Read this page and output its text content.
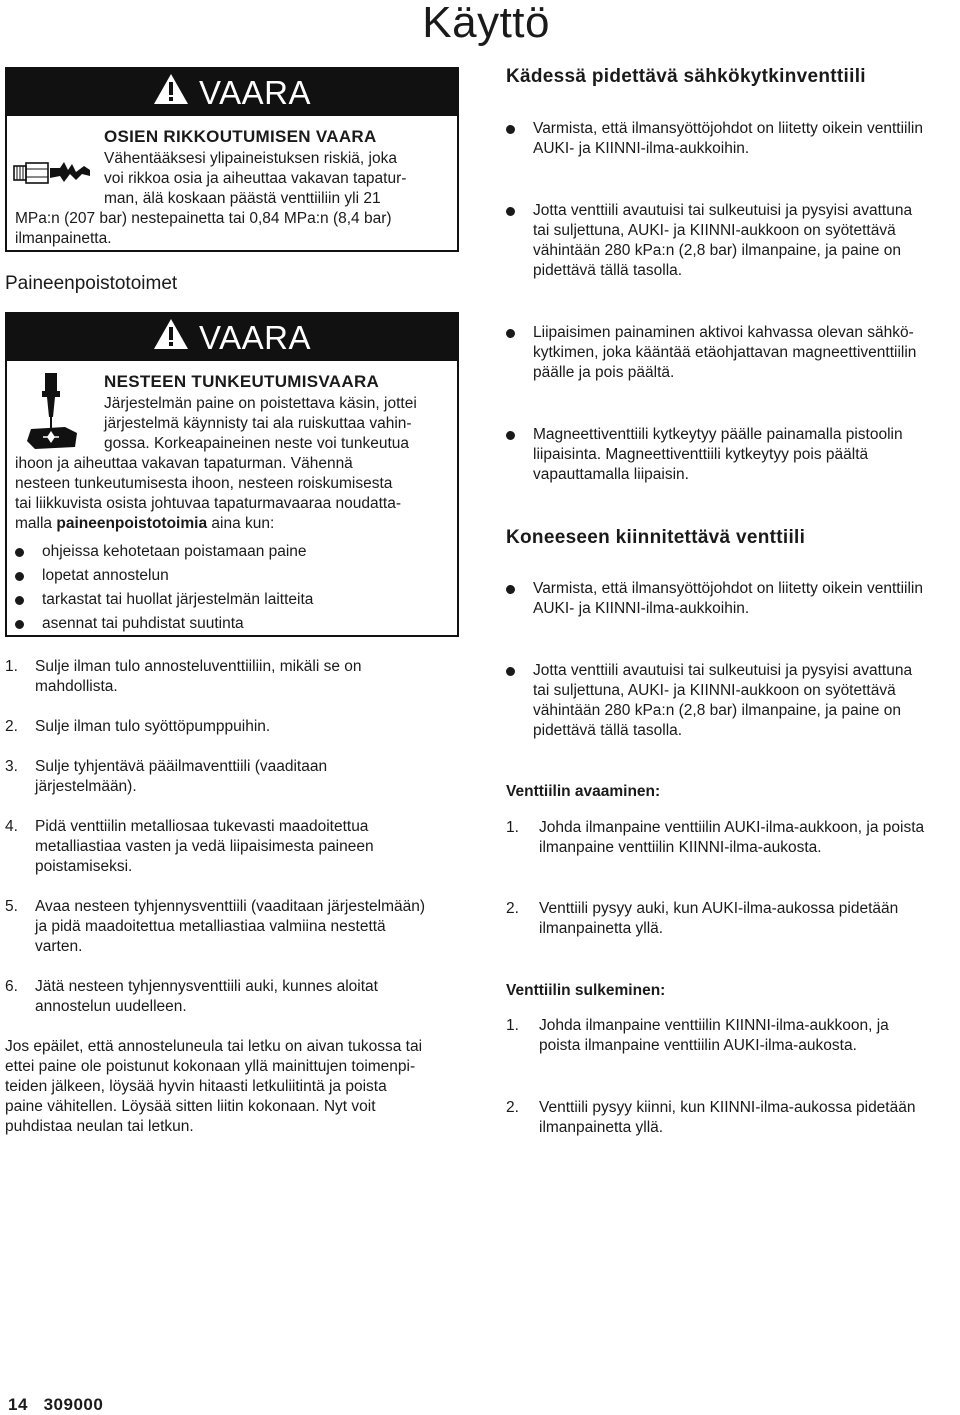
Käyttö
VAARA
OSIEN RIKKOUTUMISEN VAARA
Vähentääksesi ylipaineistuksen riskiä, joka
voi rikkoa osia ja aiheuttaa vakavan tapatur-
man, älä koskaan päästä venttiiliin yli 21
MPa:n (207 bar) nestepainetta tai 0,84 MPa:n (8,4 bar)
ilmanpainetta.
Paineenpoistotoimet
VAARA
NESTEEN TUNKEUTUMISVAARA
Järjestelmän paine on poistettava käsin, jottei
järjestelmä käynnisty tai ala ruiskuttaa vahin-
gossa. Korkeapaineinen neste voi tunkeutua
ihoon ja aiheuttaa vakavan tapaturman. Vähennä
nesteen tunkeutumisesta ihoon, nesteen roiskumisesta
tai liikkuvista osista johtuvaa tapaturmavaaraa noudatta-
malla paineenpoistotoimia aina kun:
ohjeissa kehotetaan poistamaan paine
lopetat annostelun
tarkastat tai huollat järjestelmän laitteita
asennat tai puhdistat suutinta
1. Sulje ilman tulo annosteluventtiiliin, mikäli se on
mahdollista.
2. Sulje ilman tulo syöttöpumppuihin.
3. Sulje tyhjentävä pääilmaventtiili (vaaditaan
järjestelmään).
4. Pidä venttiilin metalliosaa tukevasti maadoitettua
metalliastiaa vasten ja vedä liipaisimesta paineen
poistamiseksi.
5. Avaa nesteen tyhjennysventtiili (vaaditaan järjestelmään)
ja pidä maadoitettua metalliastiaa valmiina nestettä
varten.
6. Jätä nesteen tyhjennysventtiili auki, kunnes aloitat
annostelun uudelleen.
Jos epäilet, että annosteluneula tai letku on aivan tukossa tai
ettei paine ole poistunut kokonaan yllä mainittujen toimenpi-
teiden jälkeen, löysää hyvin hitaasti letkuliitintä ja poista
paine vähitellen. Löysää sitten liitin kokonaan. Nyt voit
puhdistaa neulan tai letkun.
Kädessä pidettävä sähkökytkinventtiili
Varmista, että ilmansyöttöjohdot on liitetty oikein venttiilin
AUKI- ja KIINNI-ilma-aukkoihin.
Jotta venttiili avautuisi tai sulkeutuisi ja pysyisi avattuna
tai suljettuna, AUKI- ja KIINNI-aukkoon on syötettävä
vähintään 280 kPa:n (2,8 bar) ilmanpaine, ja paine on
pidettävä tällä tasolla.
Liipaisimen painaminen aktivoi kahvassa olevan sähkö-
kytkimen, joka kääntää etäohjattavan magneettiventtiilin
päälle ja pois päältä.
Magneettiventtiili kytkeytyy päälle painamalla pistoolin
liipaisinta. Magneettiventtiili kytkeytyy pois päältä
vapauttamalla liipaisin.
Koneeseen kiinnitettävä venttiili
Varmista, että ilmansyöttöjohdot on liitetty oikein venttiilin
AUKI- ja KIINNI-ilma-aukkoihin.
Jotta venttiili avautuisi tai sulkeutuisi ja pysyisi avattuna
tai suljettuna, AUKI- ja KIINNI-aukkoon on syötettävä
vähintään 280 kPa:n (2,8 bar) ilmanpaine, ja paine on
pidettävä tällä tasolla.
Venttiilin avaaminen:
1. Johda ilmanpaine venttiilin AUKI-ilma-aukkoon, ja poista
ilmanpaine venttiilin KIINNI-ilma-aukosta.
2. Venttiili pysyy auki, kun AUKI-ilma-aukossa pidetään
ilmanpainetta yllä.
Venttiilin sulkeminen:
1. Johda ilmanpaine venttiilin KIINNI-ilma-aukkoon, ja
poista ilmanpaine venttiilin AUKI-ilma-aukosta.
2. Venttiili pysyy kiinni, kun KIINNI-ilma-aukossa pidetään
ilmanpainetta yllä.
14 309000
